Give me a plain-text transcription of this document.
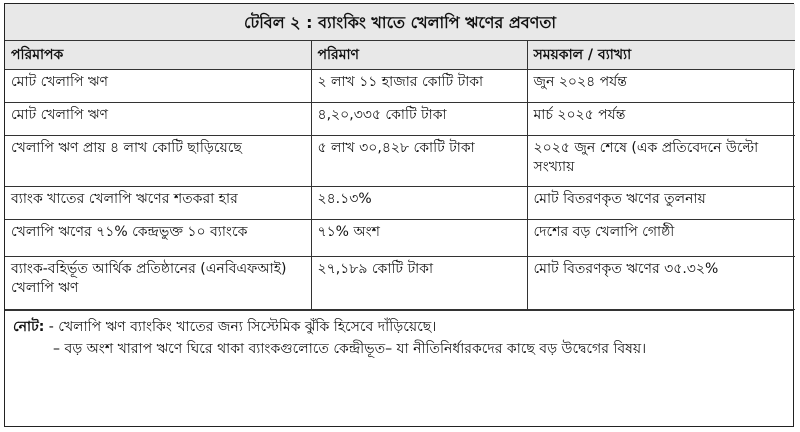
টেবিল ২ : ব্যাংকিং খাতে খেলাপি ঋণের প্রবণতা		
পরিমাপক	পরিমাণ	সময়কাল / ব্যাখ্যা
মোট খেলাপি ঋণ	২ লাখ ১১ হাজার কোটি টাকা	জুন ২০২৪ পর্যন্ত
মোট খেলাপি ঋণ	৪,২০,৩৩৫ কোটি টাকা	মার্চ ২০২৫ পর্যন্ত
খেলাপি ঋণ প্রায় ৪ লাখ কোটি ছাড়িয়েছে	৫ লাখ ৩০,৪২৮ কোটি টাকা	২০২৫ জুন শেষে (এক প্রতিবেদনে উল্টো সংখ্যায়
ব্যাংক খাতের খেলাপি ঋণের শতকরা হার	২৪.১৩%	মোট বিতরণকৃত ঋণের তুলনায়
খেলাপি ঋণের ৭১% কেন্দ্রভুক্ত ১০ ব্যাংকে	৭১% অংশ	দেশের বড় খেলাপি গোষ্ঠী
ব্যাংক-বহির্ভূত আর্থিক প্রতিষ্ঠানের (এনবিএফআই) খেলাপি ঋণ	২৭,১৮৯ কোটি টাকা	মোট বিতরণকৃত ঋণের ৩৫.৩২%
নোট: - খেলাপি ঋণ ব্যাংকিং খাতের জন্য সিস্টেমিক ঝুঁকি হিসেবে দাঁড়িয়েছে।
– বড় অংশ খারাপ ঋণে ঘিরে থাকা ব্যাংকগুলোতে কেন্দ্রীভূত– যা নীতিনির্ধারকদের কাছে বড় উদ্বেগের বিষয়।
